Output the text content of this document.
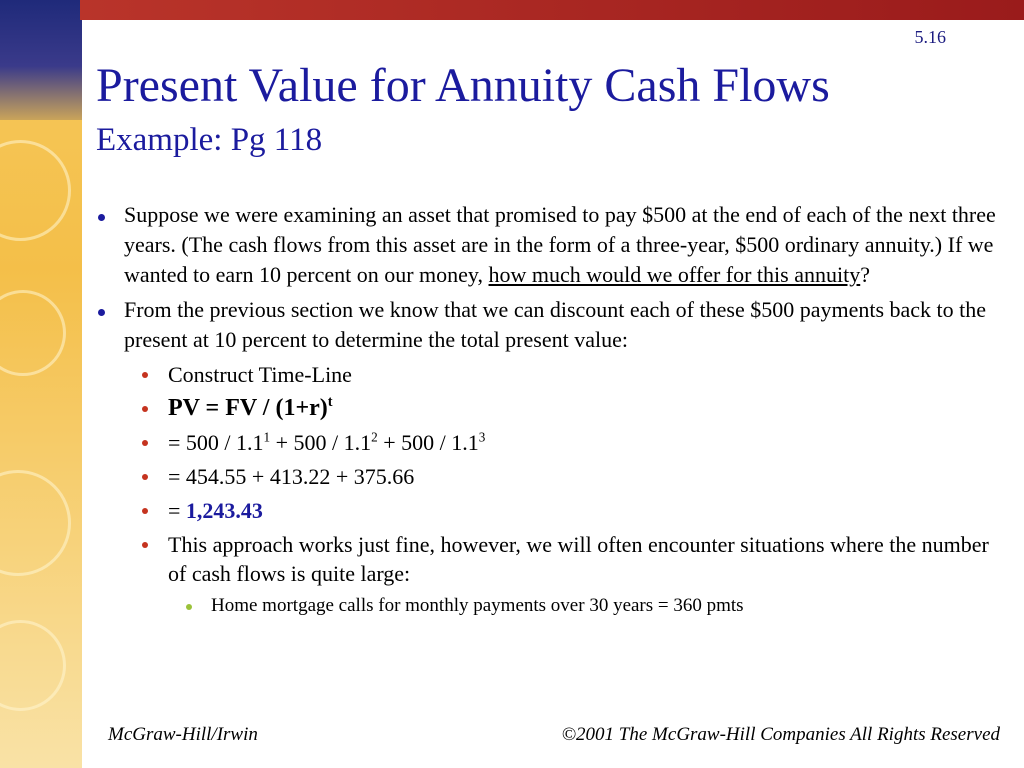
5.16
Present Value for Annuity Cash Flows
Example: Pg 118
Suppose we were examining an asset that promised to pay $500 at the end of each of the next three years. (The cash flows from this asset are in the form of a three-year, $500 ordinary annuity.) If we wanted to earn 10 percent on our money, how much would we offer for this annuity?
From the previous section we know that we can discount each of these $500 payments back to the present at 10 percent to determine the total present value:
Construct Time-Line
PV = FV / $(1+r)^t$
= $500 / 1.1^1 + 500 / 1.1^2 + 500 / 1.1^3$
= 454.55 + 413.22 + 375.66
= 1,243.43
This approach works just fine, however, we will often encounter situations where the number of cash flows is quite large:
Home mortgage calls for monthly payments over 30 years = 360 pmts
McGraw-Hill/Irwin	©2001 The McGraw-Hill Companies All Rights Reserved
